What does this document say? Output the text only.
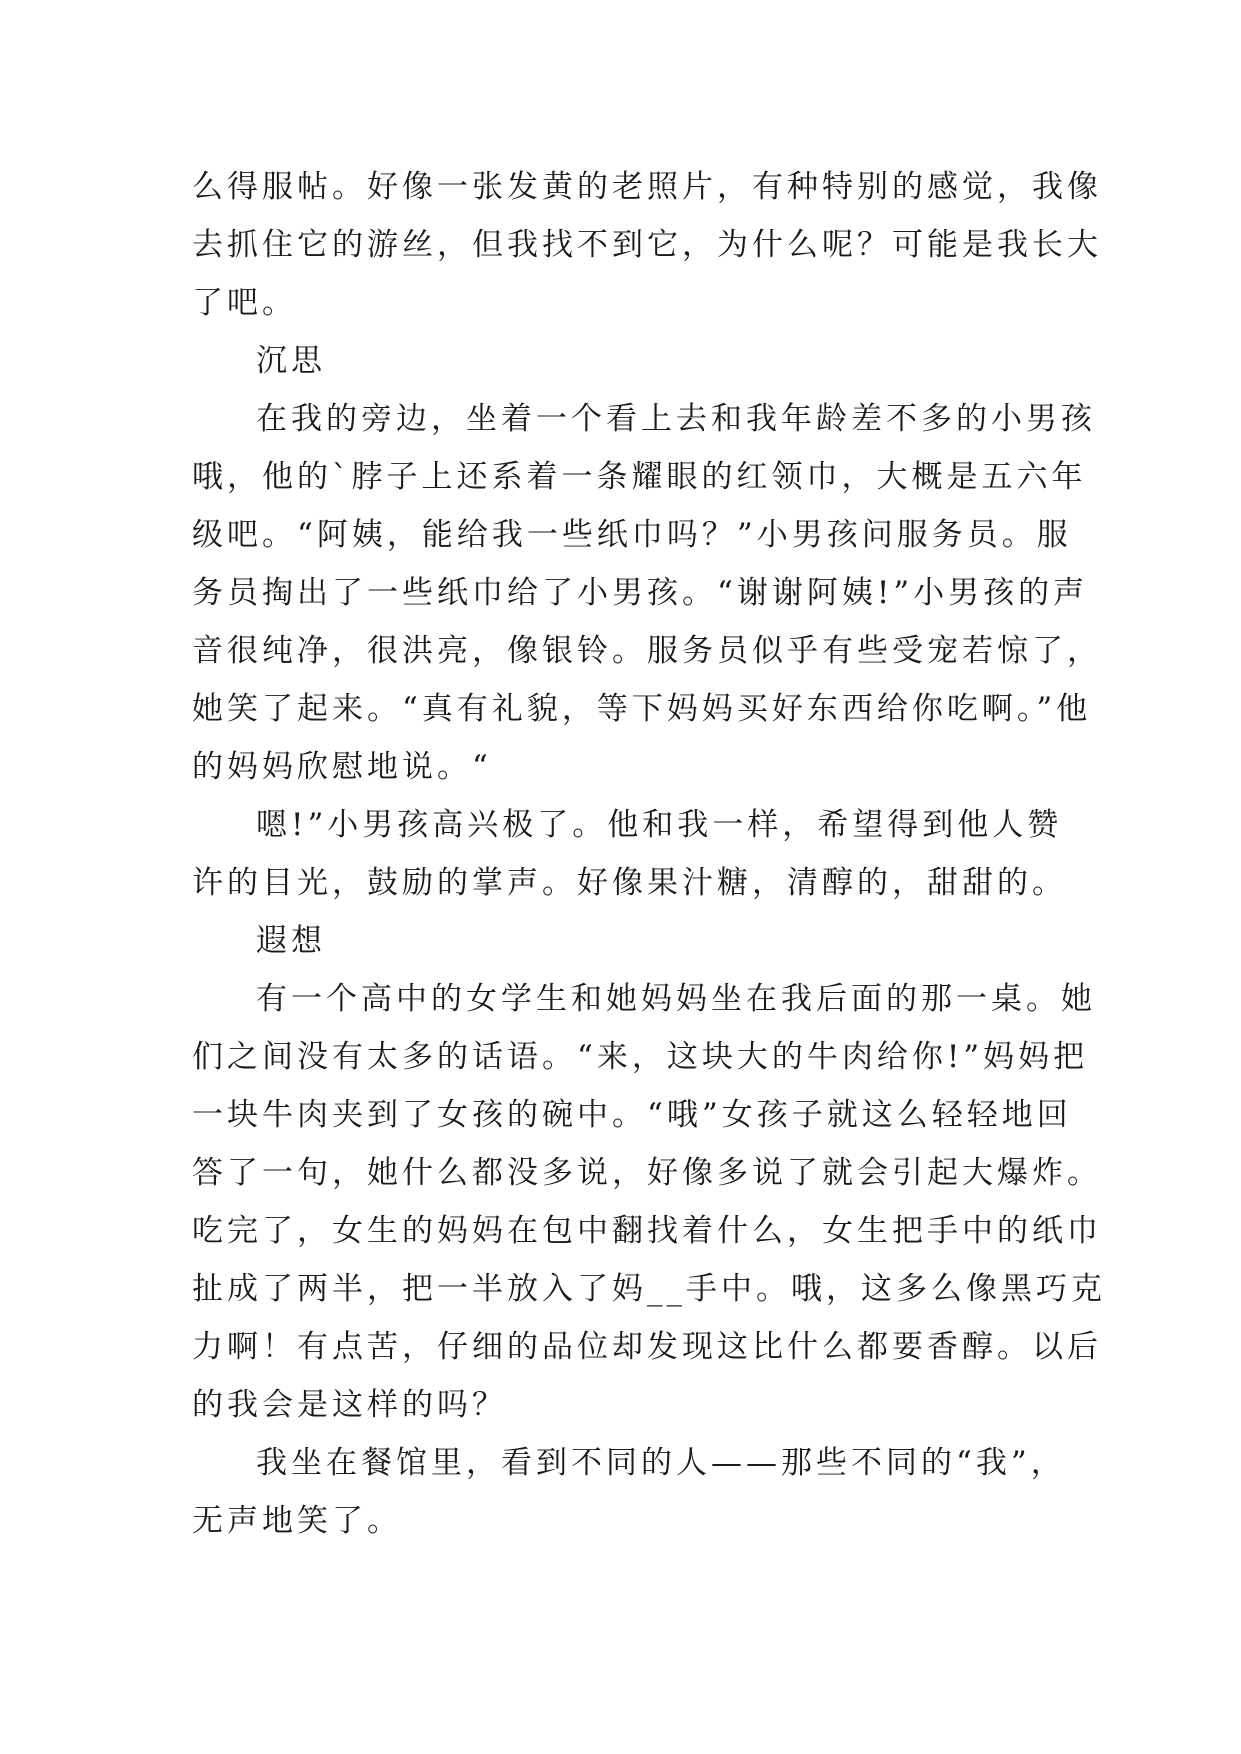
么得服帖。好像一张发黄的老照片，有种特别的感觉，我像
去抓住它的游丝，但我找不到它，为什么呢？可能是我长大
了吧。
沉思
在我的旁边，坐着一个看上去和我年龄差不多的小男孩
哦，他的`脖子上还系着一条耀眼的红领巾，大概是五六年
级吧。“阿姨，能给我一些纸巾吗？”小男孩问服务员。服
务员掏出了一些纸巾给了小男孩。“谢谢阿姨!”小男孩的声
音很纯净，很洪亮，像银铃。服务员似乎有些受宠若惊了，
她笑了起来。“真有礼貌，等下妈妈买好东西给你吃啊。”他
的妈妈欣慰地说。“
嗯!”小男孩高兴极了。他和我一样，希望得到他人赞
许的目光，鼓励的掌声。好像果汁糖，清醇的，甜甜的。
遐想
有一个高中的女学生和她妈妈坐在我后面的那一桌。她
们之间没有太多的话语。“来，这块大的牛肉给你!”妈妈把
一块牛肉夹到了女孩的碗中。“哦”女孩子就这么轻轻地回
答了一句，她什么都没多说，好像多说了就会引起大爆炸。
吃完了，女生的妈妈在包中翻找着什么，女生把手中的纸巾
扯成了两半，把一半放入了妈__手中。哦，这多么像黑巧克
力啊！有点苦，仔细的品位却发现这比什么都要香醇。以后
的我会是这样的吗？
我坐在餐馆里，看到不同的人——那些不同的“我”，
无声地笑了。
